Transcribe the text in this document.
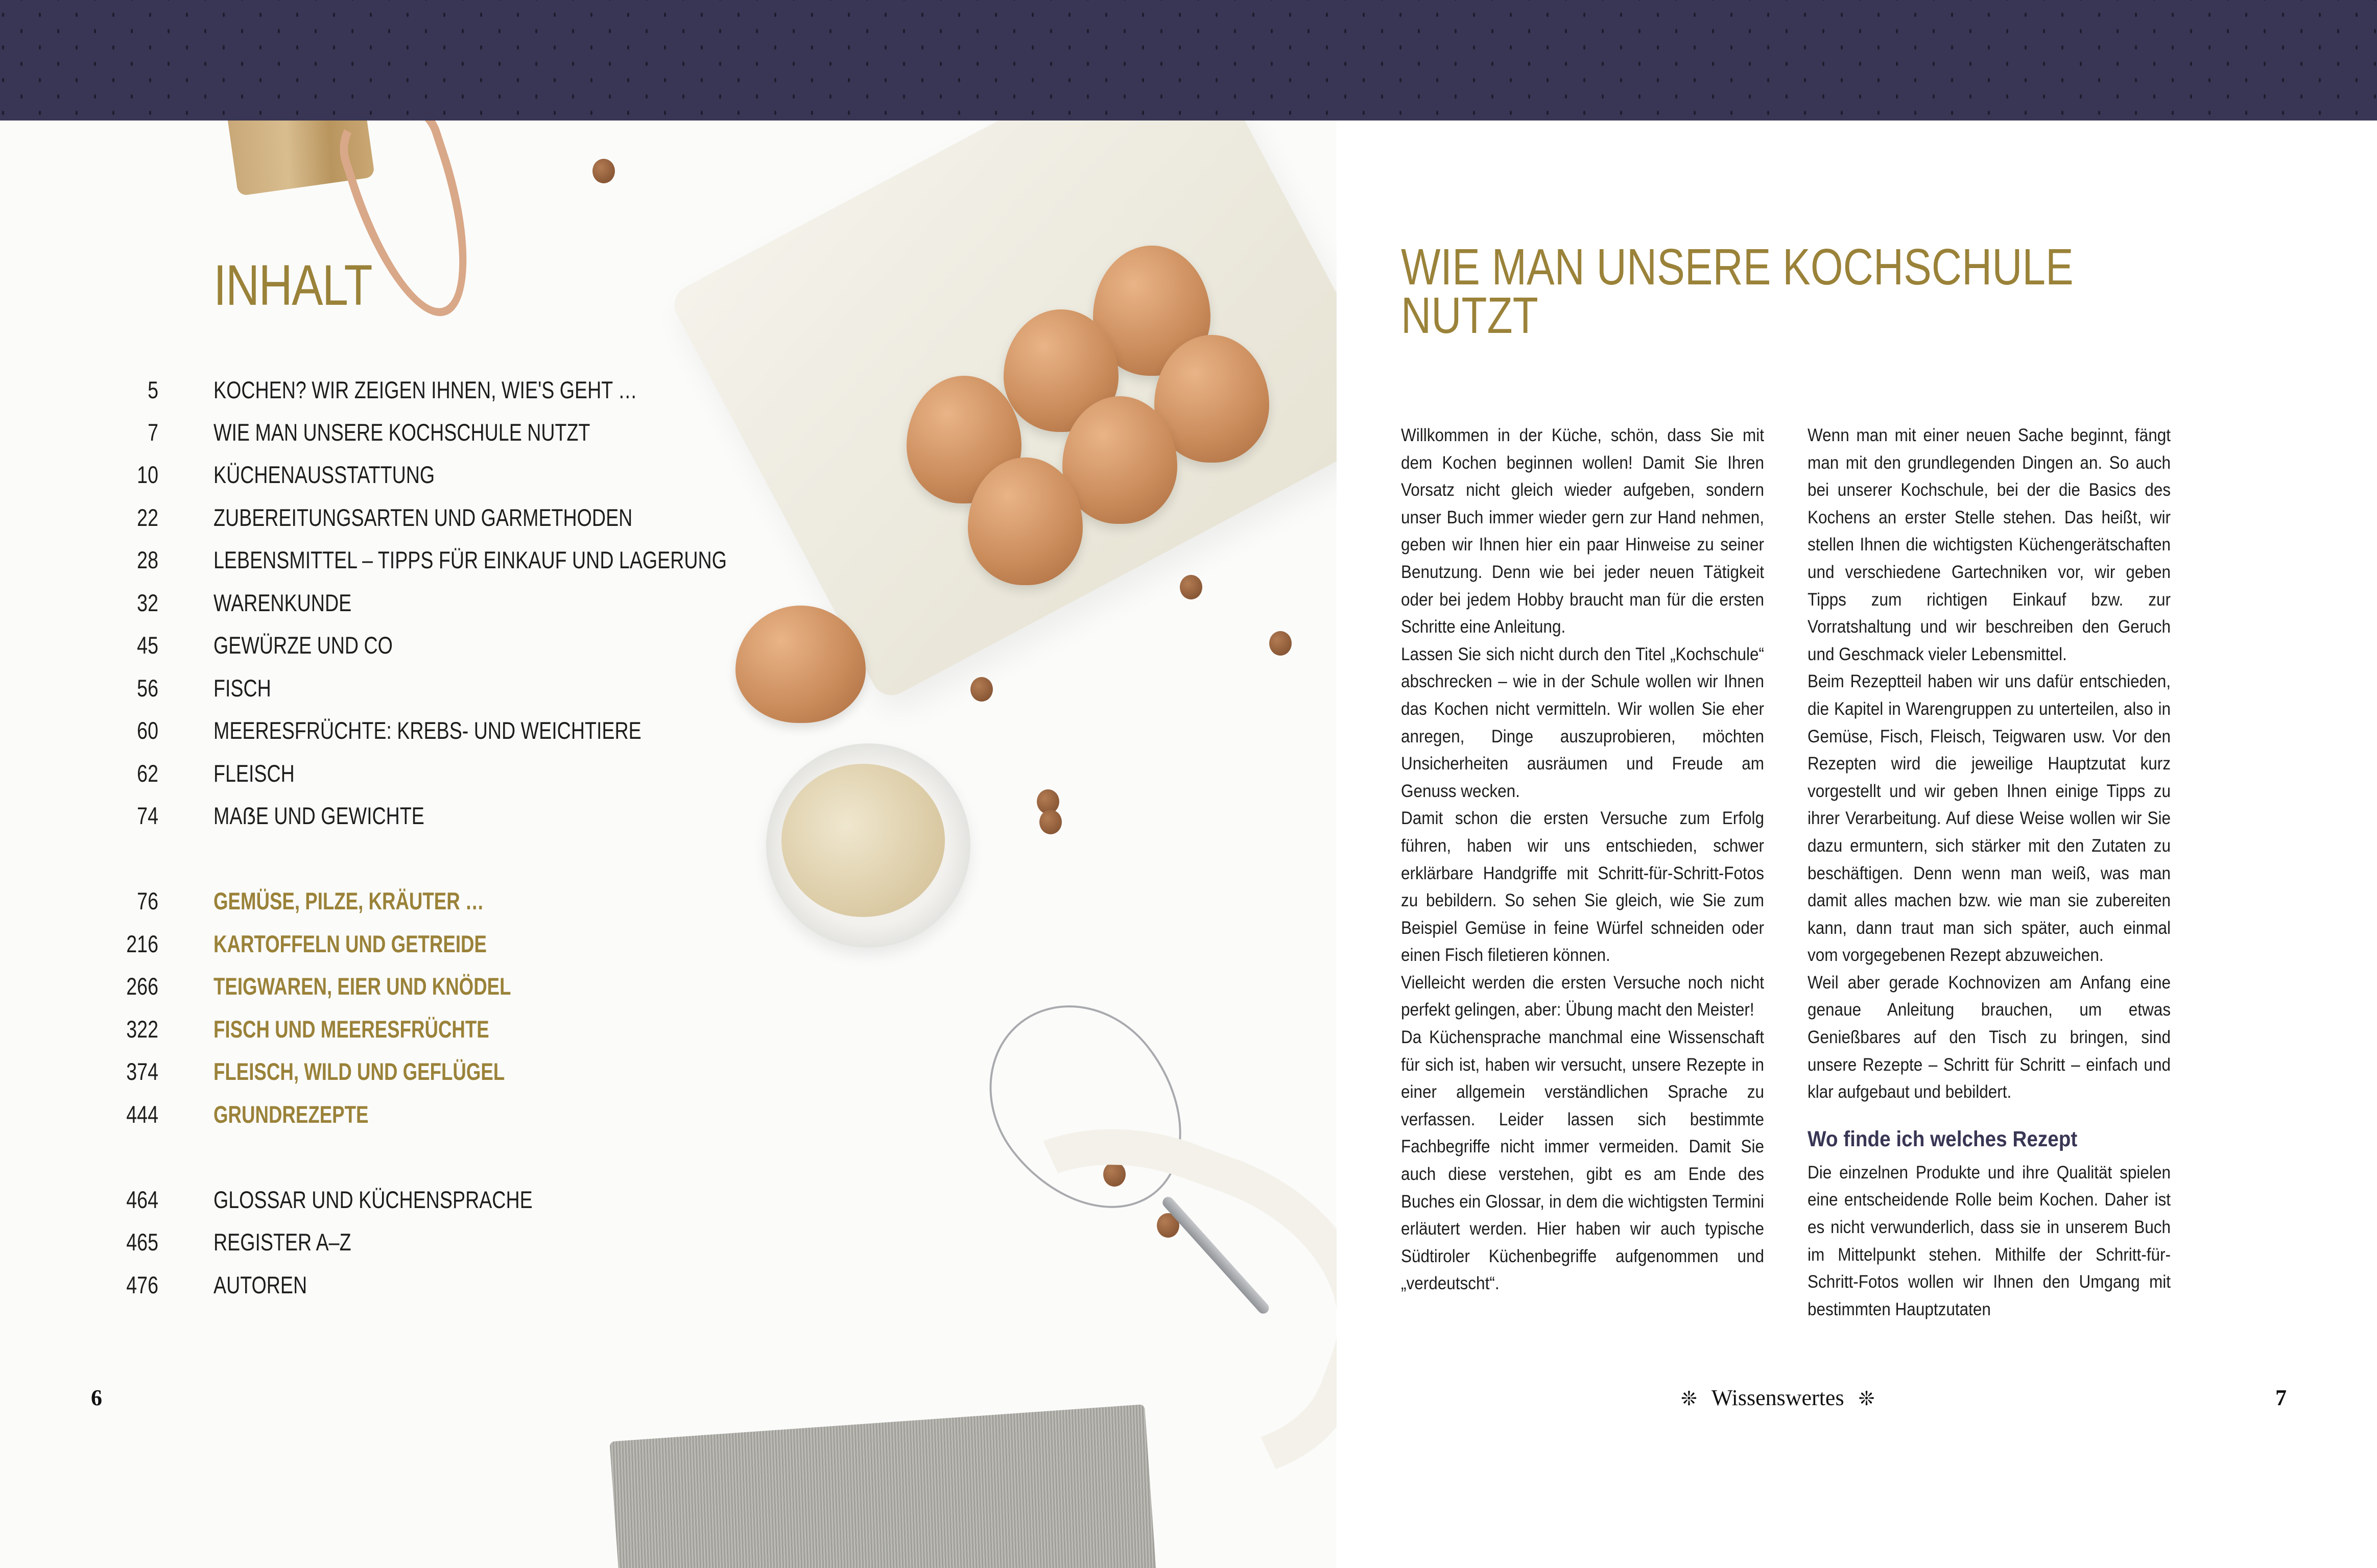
INHALT
5 KOCHEN? WIR ZEIGEN IHNEN, WIE'S GEHT …
7 WIE MAN UNSERE KOCHSCHULE NUTZT
10 KÜCHENAUSSTATTUNG
22 ZUBEREITUNGSARTEN UND GARMETHODEN
28 LEBENSMITTEL – TIPPS FÜR EINKAUF UND LAGERUNG
32 WARENKUNDE
45 GEWÜRZE UND CO
56 FISCH
60 MEERESFRÜCHTE: KREBS- UND WEICHTIERE
62 FLEISCH
74 MAẞE UND GEWICHTE
76 GEMÜSE, PILZE, KRÄUTER …
216 KARTOFFELN UND GETREIDE
266 TEIGWAREN, EIER UND KNÖDEL
322 FISCH UND MEERESFRÜCHTE
374 FLEISCH, WILD UND GEFLÜGEL
444 GRUNDREZEPTE
464 GLOSSAR UND KÜCHENSPRACHE
465 REGISTER A–Z
476 AUTOREN
6
WIE MAN UNSERE KOCHSCHULE
NUTZT

Willkommen in der Küche, schön, dass Sie mit dem Kochen beginnen wollen! Damit Sie Ihren Vorsatz nicht gleich wieder aufgeben, sondern unser Buch immer wieder gern zur Hand nehmen, geben wir Ihnen hier ein paar Hinweise zu seiner Benutzung. Denn wie bei jeder neuen Tätigkeit oder bei jedem Hobby braucht man für die ersten Schritte eine Anleitung.

Lassen Sie sich nicht durch den Titel „Kochschule“ abschrecken – wie in der Schule wollen wir Ihnen das Kochen nicht vermitteln. Wir wollen Sie eher anregen, Dinge auszuprobieren, möchten Unsicherheiten ausräumen und Freude am Genuss wecken.

Damit schon die ersten Versuche zum Erfolg führen, haben wir uns entschieden, schwer erklärbare Handgriffe mit Schritt-für-Schritt-Fotos zu bebildern. So sehen Sie gleich, wie Sie zum Beispiel Gemüse in feine Würfel schneiden oder einen Fisch filetieren können.

Vielleicht werden die ersten Versuche noch nicht perfekt gelingen, aber: Übung macht den Meister!

Da Küchensprache manchmal eine Wissenschaft für sich ist, haben wir versucht, unsere Rezepte in einer allgemein verständlichen Sprache zu verfassen. Leider lassen sich bestimmte Fachbegriffe nicht immer vermeiden. Damit Sie auch diese verstehen, gibt es am Ende des Buches ein Glossar, in dem die wichtigsten Termini erläutert werden. Hier haben wir auch typische Südtiroler Küchenbegriffe aufgenommen und „verdeutscht“.

Wenn man mit einer neuen Sache beginnt, fängt man mit den grundlegenden Dingen an. So auch bei unserer Kochschule, bei der die Basics des Kochens an erster Stelle stehen. Das heißt, wir stellen Ihnen die wichtigsten Küchengerätschaften und verschiedene Gartechniken vor, wir geben Tipps zum richtigen Einkauf bzw. zur Vorratshaltung und wir beschreiben den Geruch und Geschmack vieler Lebensmittel.

Beim Rezeptteil haben wir uns dafür entschieden, die Kapitel in Warengruppen zu unterteilen, also in Gemüse, Fisch, Fleisch, Teigwaren usw. Vor den Rezepten wird die jeweilige Hauptzutat kurz vorgestellt und wir geben Ihnen einige Tipps zu ihrer Verarbeitung. Auf diese Weise wollen wir Sie dazu ermuntern, sich stärker mit den Zutaten zu beschäftigen. Denn wenn man weiß, was man damit alles machen bzw. wie man sie zubereiten kann, dann traut man sich später, auch einmal vom vorgegebenen Rezept abzuweichen.

Weil aber gerade Kochnovizen am Anfang eine genaue Anleitung brauchen, um etwas Genießbares auf den Tisch zu bringen, sind unsere Rezepte – Schritt für Schritt – einfach und klar aufgebaut und bebildert.

Wo finde ich welches Rezept

Die einzelnen Produkte und ihre Qualität spielen eine entscheidende Rolle beim Kochen. Daher ist es nicht verwunderlich, dass sie in unserem Buch im Mittelpunkt stehen. Mithilfe der Schritt-für-Schritt-Fotos wollen wir Ihnen den Umgang mit bestimmten Hauptzutaten

❊ Wissenswertes ❊	7
